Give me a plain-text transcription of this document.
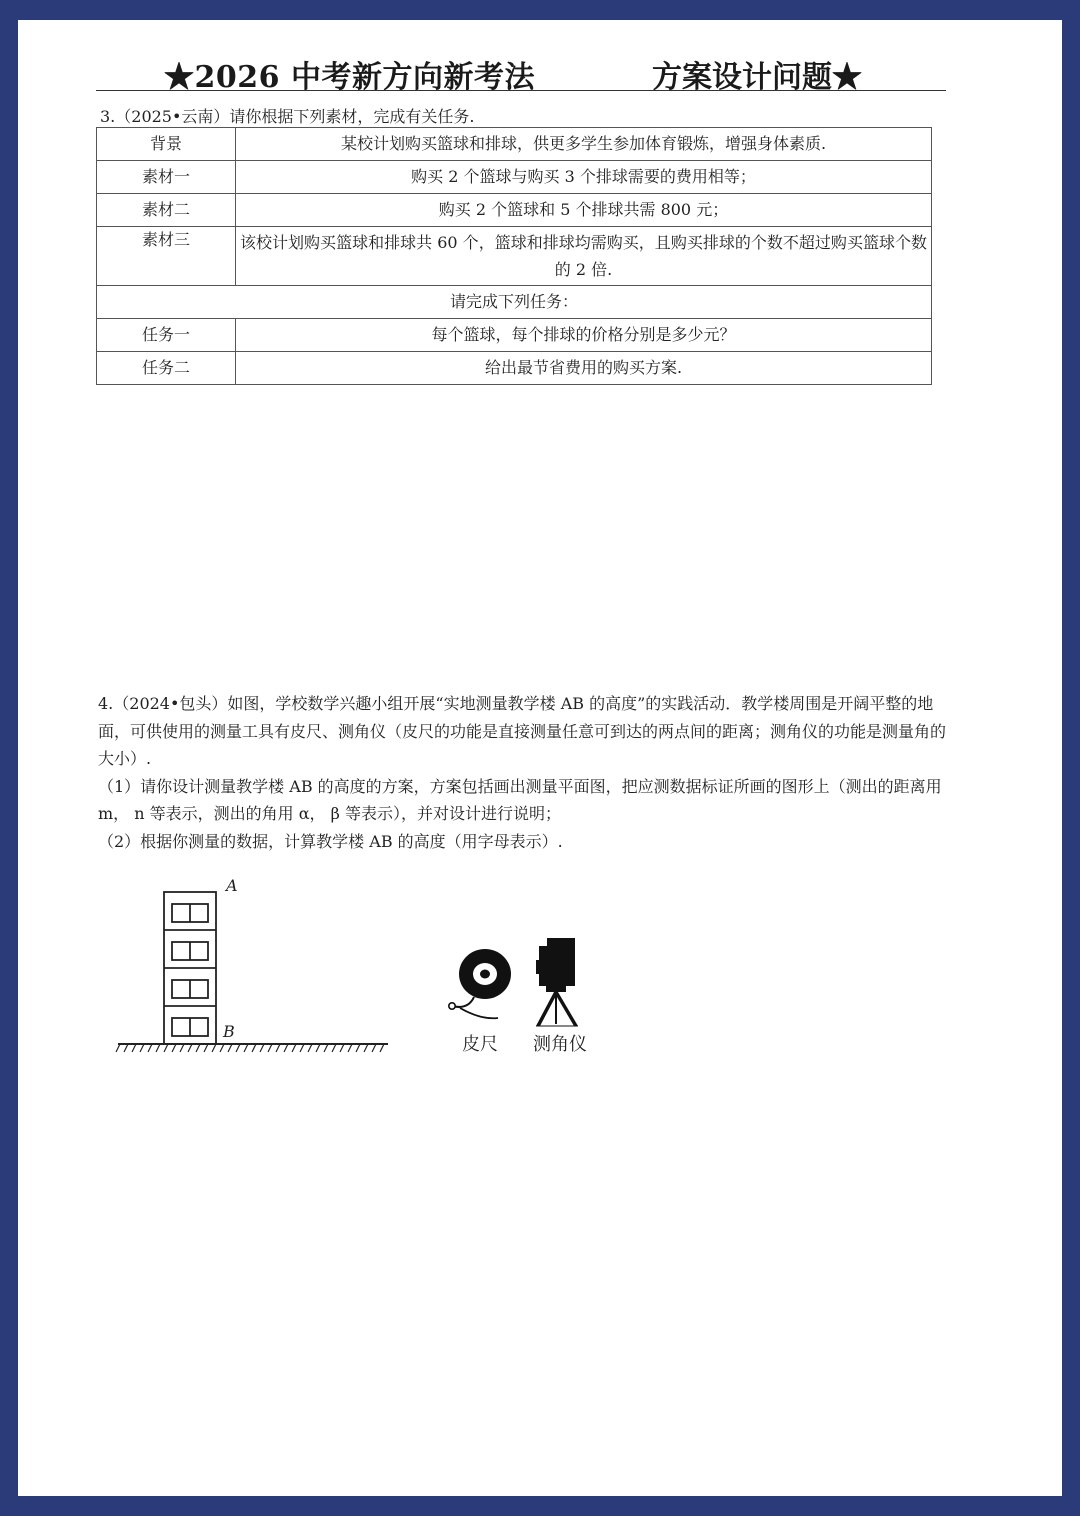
★2026 中考新方向新考法	方案设计问题★
3.（2025•云南）请你根据下列素材，完成有关任务.
背景	某校计划购买篮球和排球，供更多学生参加体育锻炼，增强身体素质.
素材一	购买 2 个篮球与购买 3 个排球需要的费用相等；
素材二	购买 2 个篮球和 5 个排球共需 800 元；
素材三	该校计划购买篮球和排球共 60 个，篮球和排球均需购买，且购买排球的个数不超过购买篮球个数的 2 倍.
请完成下列任务：	
任务一	每个篮球，每个排球的价格分别是多少元？
任务二	给出最节省费用的购买方案.

4.（2024•包头）如图，学校数学兴趣小组开展“实地测量教学楼 AB 的高度”的实践活动．教学楼周围是开阔平整的地面，可供使用的测量工具有皮尺、测角仪（皮尺的功能是直接测量任意可到达的两点间的距离；测角仪的功能是测量角的大小）.

（1）请你设计测量教学楼 AB 的高度的方案，方案包括画出测量平面图，把应测数据标证所画的图形上（测出的距离用 m， n 等表示，测出的角用 α， β 等表示），并对设计进行说明；

（2）根据你测量的数据，计算教学楼 AB 的高度（用字母表示）.

A
B
皮尺 测角仪
